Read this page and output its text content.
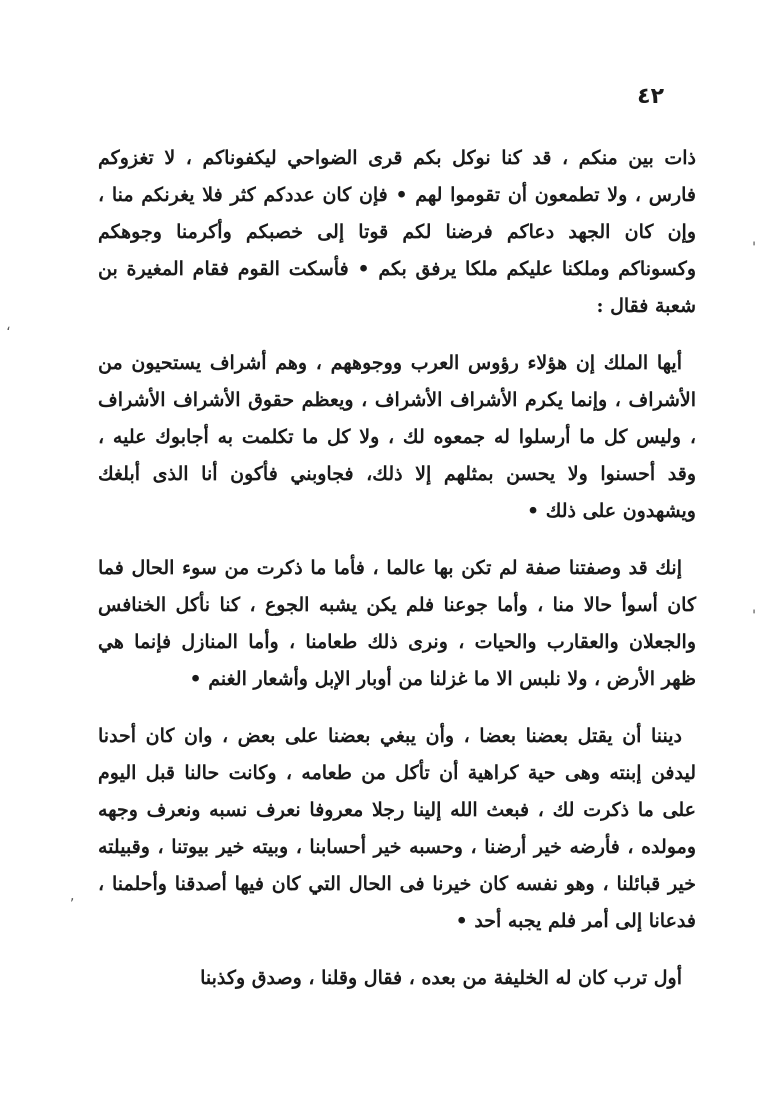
٤٢

ذات بين منكم ، قد كنا نوكل بكم قرى الضواحي ليكفوناكم ، لا تغزوكم فارس ، ولا تطمعون أن تقوموا لهم • فإن كان عددكم كثر فلا يغرنكم منا ، وإن كان الجهد دعاكم فرضنا لكم قوتا إلى خصبكم وأكرمنا وجوهكم وكسوناكم وملكنا عليكم ملكا يرفق بكم • فأسكت القوم فقام المغيرة بن شعبة فقال :

أيها الملك إن هؤلاء رؤوس العرب ووجوههم ، وهم أشراف يستحيون من الأشراف ، وإنما يكرم الأشراف الأشراف ، ويعظم حقوق الأشراف الأشراف ، وليس كل ما أرسلوا له جمعوه لك ، ولا كل ما تكلمت به أجابوك عليه ، وقد أحسنوا ولا يحسن بمثلهم إلا ذلك، فجاوبني فأكون أنا الذى أبلغك ويشهدون على ذلك •

إنك قد وصفتنا صفة لم تكن بها عالما ، فأما ما ذكرت من سوء الحال فما كان أسوأ حالا منا ، وأما جوعنا فلم يكن يشبه الجوع ، كنا نأكل الخنافس والجعلان والعقارب والحيات ، ونرى ذلك طعامنا ، وأما المنازل فإنما هي ظهر الأرض ، ولا نلبس الا ما غزلنا من أوبار الإبل وأشعار الغنم •

ديننا أن يقتل بعضنا بعضا ، وأن يبغي بعضنا على بعض ، وان كان أحدنا ليدفن إبنته وهى حية كراهية أن تأكل من طعامه ، وكانت حالنا قبل اليوم على ما ذكرت لك ، فبعث الله إلينا رجلا معروفا نعرف نسبه ونعرف وجهه ومولده ، فأرضه خير أرضنا ، وحسبه خير أحسابنا ، وبيته خير بيوتنا ، وقبيلته خير قبائلنا ، وهو نفسه كان خيرنا فى الحال التي كان فيها أصدقنا وأحلمنا ، فدعانا إلى أمر فلم يجبه أحد •

أول ترب كان له الخليفة من بعده ، فقال وقلنا ، وصدق وكذبنا

'
،
'
,
